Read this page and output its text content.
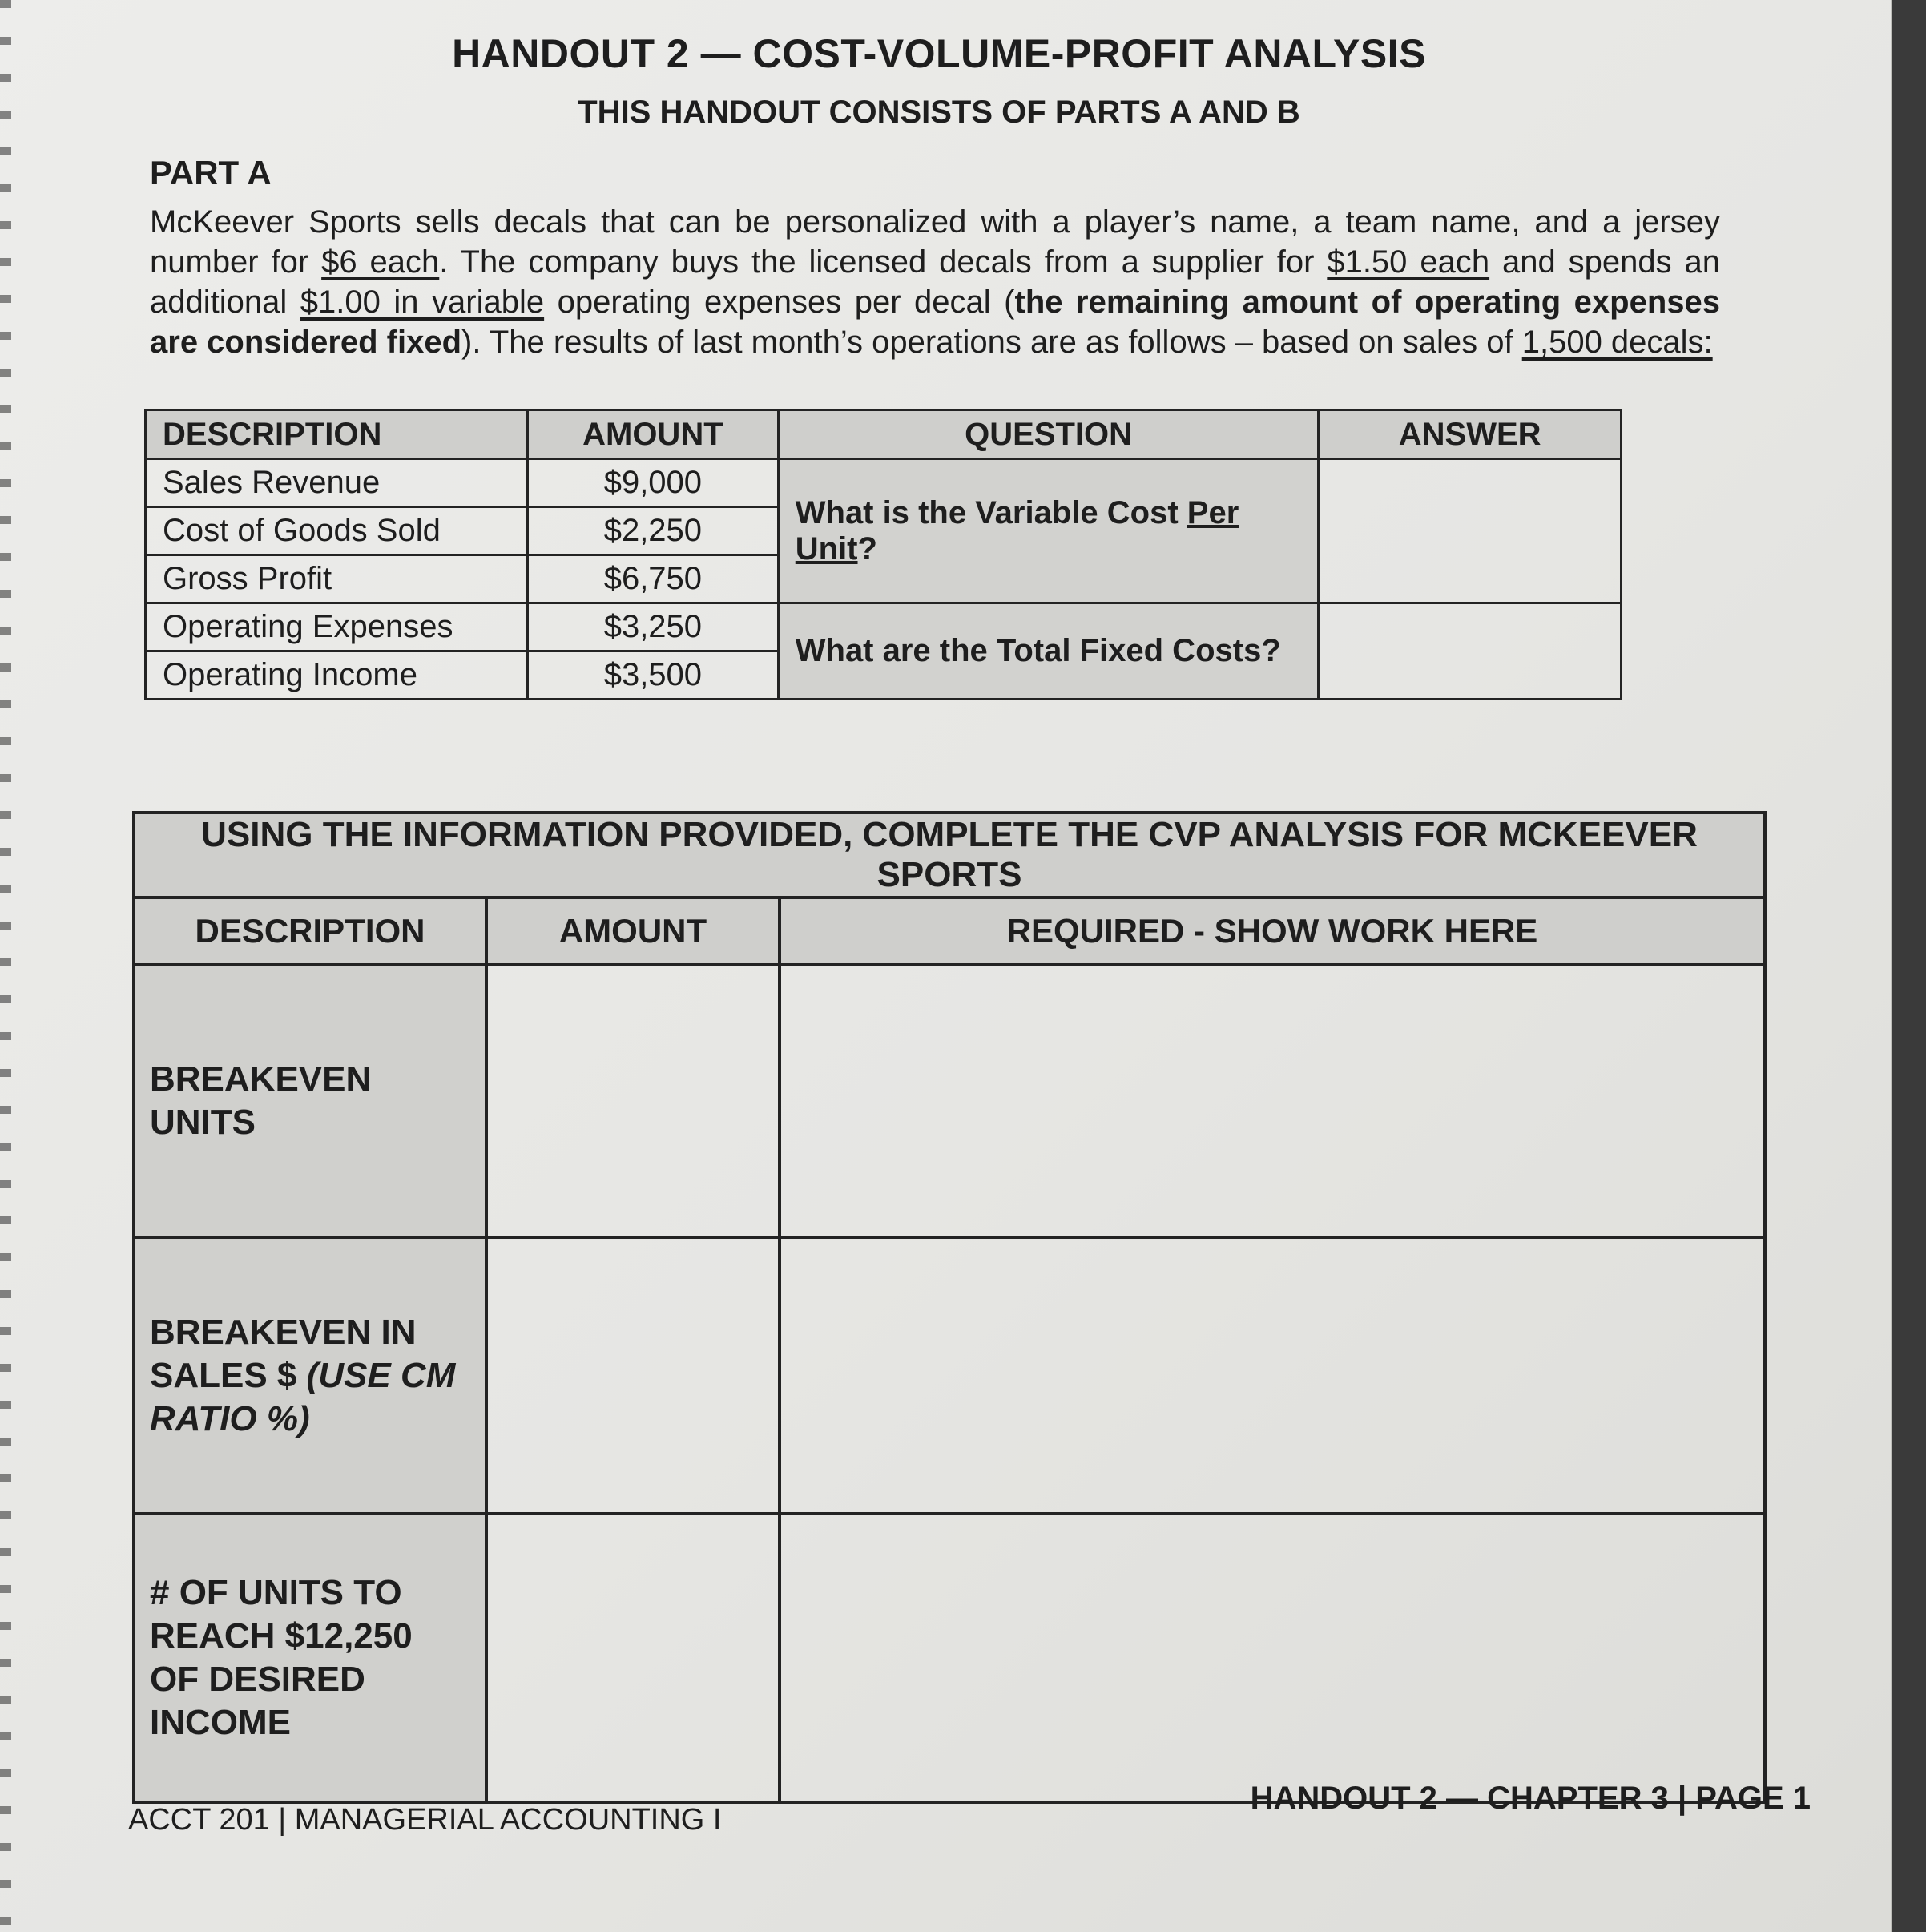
HANDOUT 2 — COST-VOLUME-PROFIT ANALYSIS
THIS HANDOUT CONSISTS OF PARTS A AND B
PART A
McKeever Sports sells decals that can be personalized with a player’s name, a team name, and a jersey number for $6 each. The company buys the licensed decals from a supplier for $1.50 each and spends an additional $1.00 in variable operating expenses per decal (the remaining amount of operating expenses are considered fixed). The results of last month’s operations are as follows – based on sales of 1,500 decals:
DESCRIPTION	AMOUNT	QUESTION	ANSWER
Sales Revenue	$9,000	What is the Variable Cost Per Unit?	
Cost of Goods Sold	$2,250		
Gross Profit	$6,750		
Operating Expenses	$3,250	What are the Total Fixed Costs?	
Operating Income	$3,500		
USING THE INFORMATION PROVIDED, COMPLETE THE CVP ANALYSIS FOR MCKEEVER SPORTS		
DESCRIPTION	AMOUNT	REQUIRED - SHOW WORK HERE
BREAKEVEN UNITS		
BREAKEVEN IN SALES $ (USE CM RATIO %)		
# OF UNITS TO REACH $12,250 OF DESIRED INCOME		
ACCT 201 | MANAGERIAL ACCOUNTING I
HANDOUT 2 — CHAPTER 3 | PAGE 1
